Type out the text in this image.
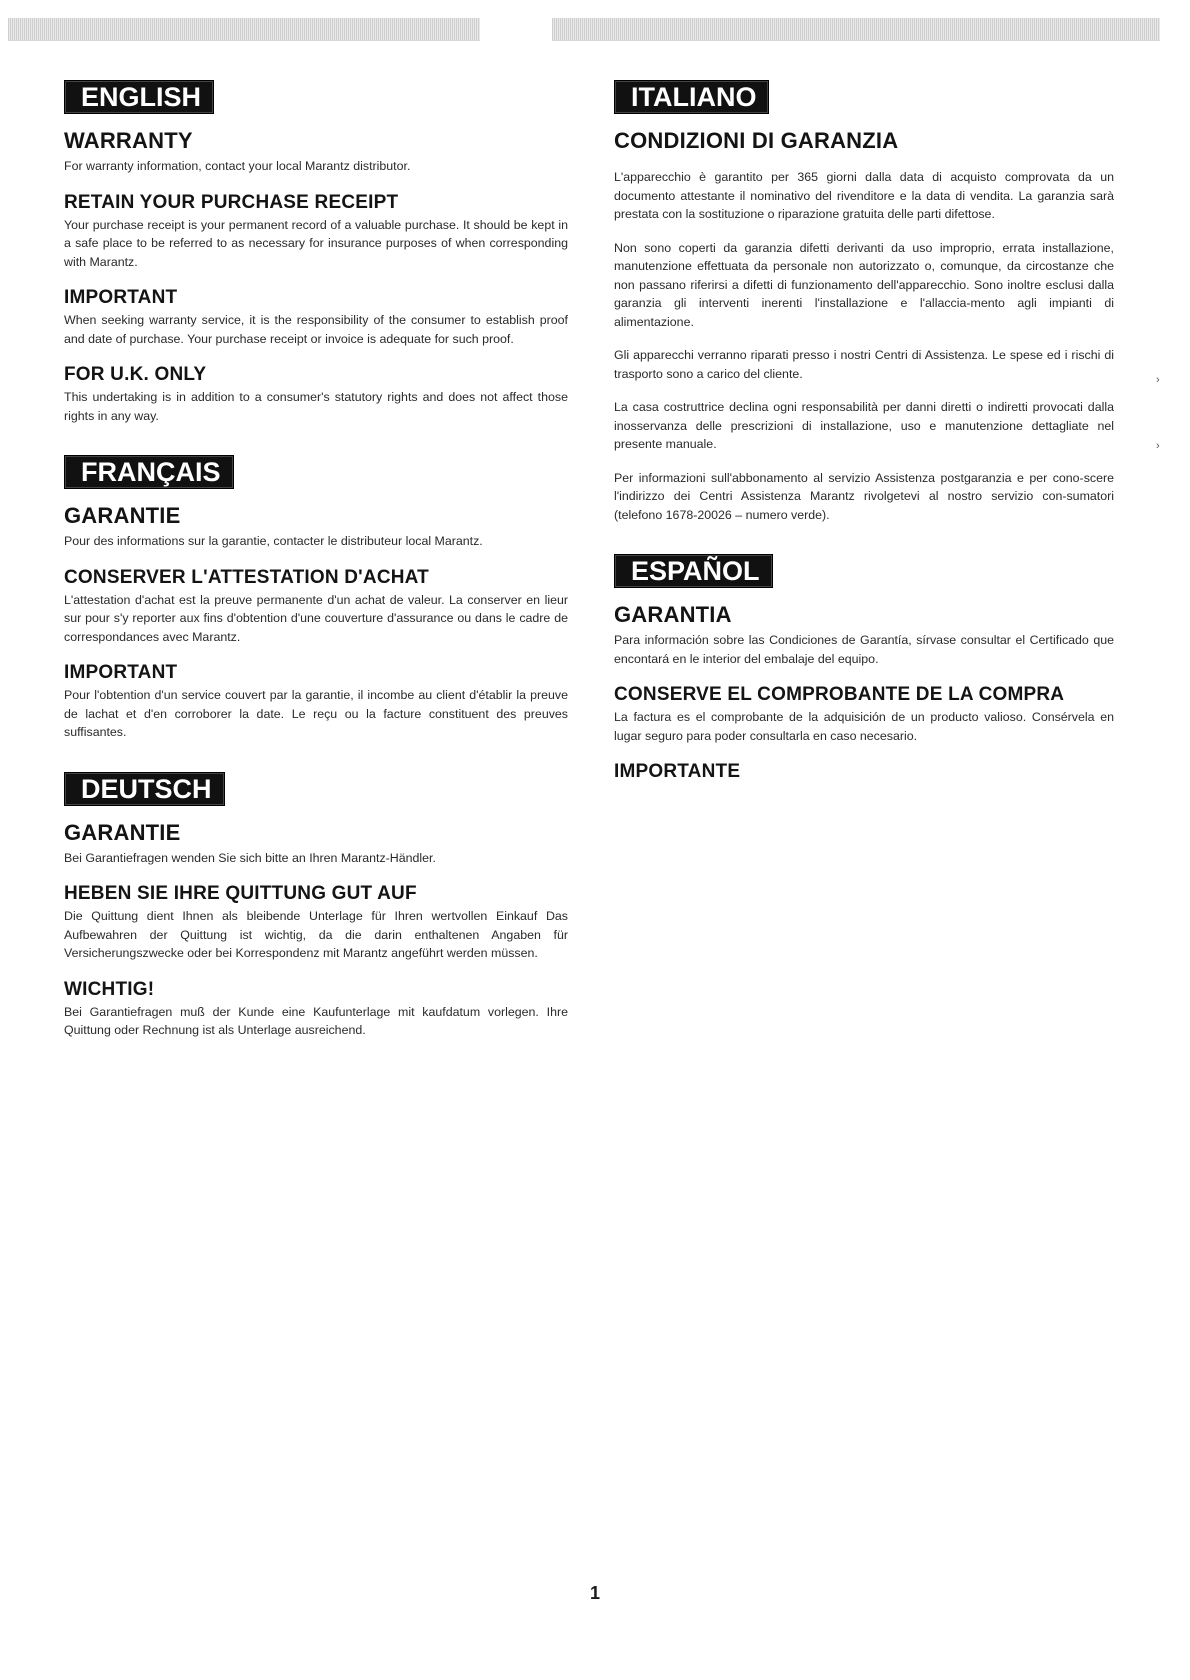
ENGLISH
WARRANTY

For warranty information, contact your local Marantz distributor.

RETAIN YOUR PURCHASE RECEIPT

Your purchase receipt is your permanent record of a valuable purchase. It should be kept in a safe place to be referred to as necessary for insurance purposes of when corresponding with Marantz.

IMPORTANT

When seeking warranty service, it is the responsibility of the consumer to establish proof and date of purchase. Your purchase receipt or invoice is adequate for such proof.

FOR U.K. ONLY

This undertaking is in addition to a consumer's statutory rights and does not affect those rights in any way.

FRANÇAIS
GARANTIE

Pour des informations sur la garantie, contacter le distributeur local Marantz.

CONSERVER L'ATTESTATION D'ACHAT

L'attestation d'achat est la preuve permanente d'un achat de valeur. La conserver en lieur sur pour s'y reporter aux fins d'obtention d'une couverture d'assurance ou dans le cadre de correspondances avec Marantz.

IMPORTANT

Pour l'obtention d'un service couvert par la garantie, il incombe au client d'établir la preuve de lachat et d'en corroborer la date. Le reçu ou la facture constituent des preuves suffisantes.

DEUTSCH
GARANTIE

Bei Garantiefragen wenden Sie sich bitte an Ihren Marantz-Händler.

HEBEN SIE IHRE QUITTUNG GUT AUF

Die Quittung dient Ihnen als bleibende Unterlage für Ihren wertvollen Einkauf Das Aufbewahren der Quittung ist wichtig, da die darin enthaltenen Angaben für Versicherungszwecke oder bei Korrespondenz mit Marantz angeführt werden müssen.

WICHTIG!

Bei Garantiefragen muß der Kunde eine Kaufunterlage mit kaufdatum vorlegen. Ihre Quittung oder Rechnung ist als Unterlage ausreichend.

ITALIANO
CONDIZIONI DI GARANZIA

L'apparecchio è garantito per 365 giorni dalla data di acquisto comprovata da un documento attestante il nominativo del rivenditore e la data di vendita. La garanzia sarà prestata con la sostituzione o riparazione gratuita delle parti difettose.

Non sono coperti da garanzia difetti derivanti da uso improprio, errata installazione, manutenzione effettuata da personale non autorizzato o, comunque, da circostanze che non passano riferirsi a difetti di funzionamento dell'apparecchio. Sono inoltre esclusi dalla garanzia gli interventi inerenti l'installazione e l'allaccia-mento agli impianti di alimentazione.

Gli apparecchi verranno riparati presso i nostri Centri di Assistenza. Le spese ed i rischi di trasporto sono a carico del cliente.

La casa costruttrice declina ogni responsabilità per danni diretti o indiretti provocati dalla inosservanza delle prescrizioni di installazione, uso e manutenzione dettagliate nel presente manuale.

Per informazioni sull'abbonamento al servizio Assistenza postgaranzia e per cono-scere l'indirizzo dei Centri Assistenza Marantz rivolgetevi al nostro servizio con-sumatori (telefono 1678-20026 – numero verde).

ESPAÑOL
GARANTIA

Para información sobre las Condiciones de Garantía, sírvase consultar el Certificado que encontará en le interior del embalaje del equipo.

CONSERVE EL COMPROBANTE DE LA COMPRA

La factura es el comprobante de la adquisición de un producto valioso. Consérvela en lugar seguro para poder consultarla en caso necesario.

IMPORTANTE
›
›
1
